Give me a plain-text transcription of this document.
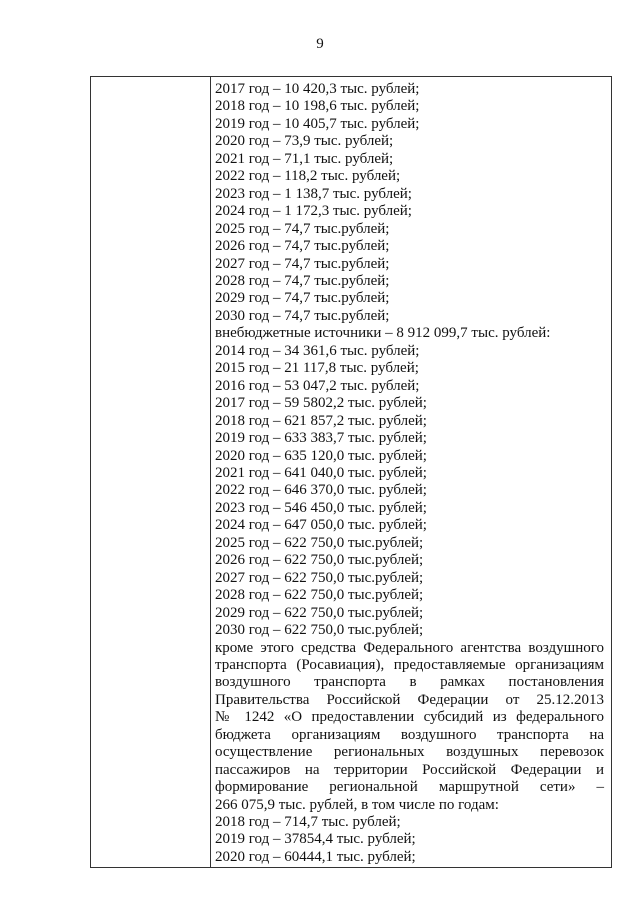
9
2017 год – 10 420,3 тыс. рублей;
2018 год – 10 198,6 тыс. рублей;
2019 год – 10 405,7 тыс. рублей;
2020 год – 73,9 тыс. рублей;
2021 год – 71,1 тыс. рублей;
2022 год – 118,2 тыс. рублей;
2023 год – 1 138,7 тыс. рублей;
2024 год – 1 172,3 тыс. рублей;
2025 год – 74,7 тыс.рублей;
2026 год – 74,7 тыс.рублей;
2027 год – 74,7 тыс.рублей;
2028 год – 74,7 тыс.рублей;
2029 год – 74,7 тыс.рублей;
2030 год – 74,7 тыс.рублей;
внебюджетные источники – 8 912 099,7 тыс. рублей:
2014 год – 34 361,6 тыс. рублей;
2015 год – 21 117,8 тыс. рублей;
2016 год – 53 047,2 тыс. рублей;
2017 год – 59 5802,2 тыс. рублей;
2018 год – 621 857,2 тыс. рублей;
2019 год – 633 383,7 тыс. рублей;
2020 год – 635 120,0 тыс. рублей;
2021 год – 641 040,0 тыс. рублей;
2022 год – 646 370,0 тыс. рублей;
2023 год – 546 450,0 тыс. рублей;
2024 год – 647 050,0 тыс. рублей;
2025 год – 622 750,0 тыс.рублей;
2026 год – 622 750,0 тыс.рублей;
2027 год – 622 750,0 тыс.рублей;
2028 год – 622 750,0 тыс.рублей;
2029 год – 622 750,0 тыс.рублей;
2030 год – 622 750,0 тыс.рублей;
кроме этого средства Федерального агентства воздушного
транспорта (Росавиация), предоставляемые организациям
воздушного транспорта в рамках постановления
Правительства Российской Федерации от 25.12.2013
№ 1242 «О предоставлении субсидий из федерального
бюджета организациям воздушного транспорта на
осуществление региональных воздушных перевозок
пассажиров на территории Российской Федерации и
формирование региональной маршрутной сети» –
266 075,9 тыс. рублей, в том числе по годам:
2018 год – 714,7 тыс. рублей;
2019 год – 37854,4 тыс. рублей;
2020 год – 60444,1 тыс. рублей;
